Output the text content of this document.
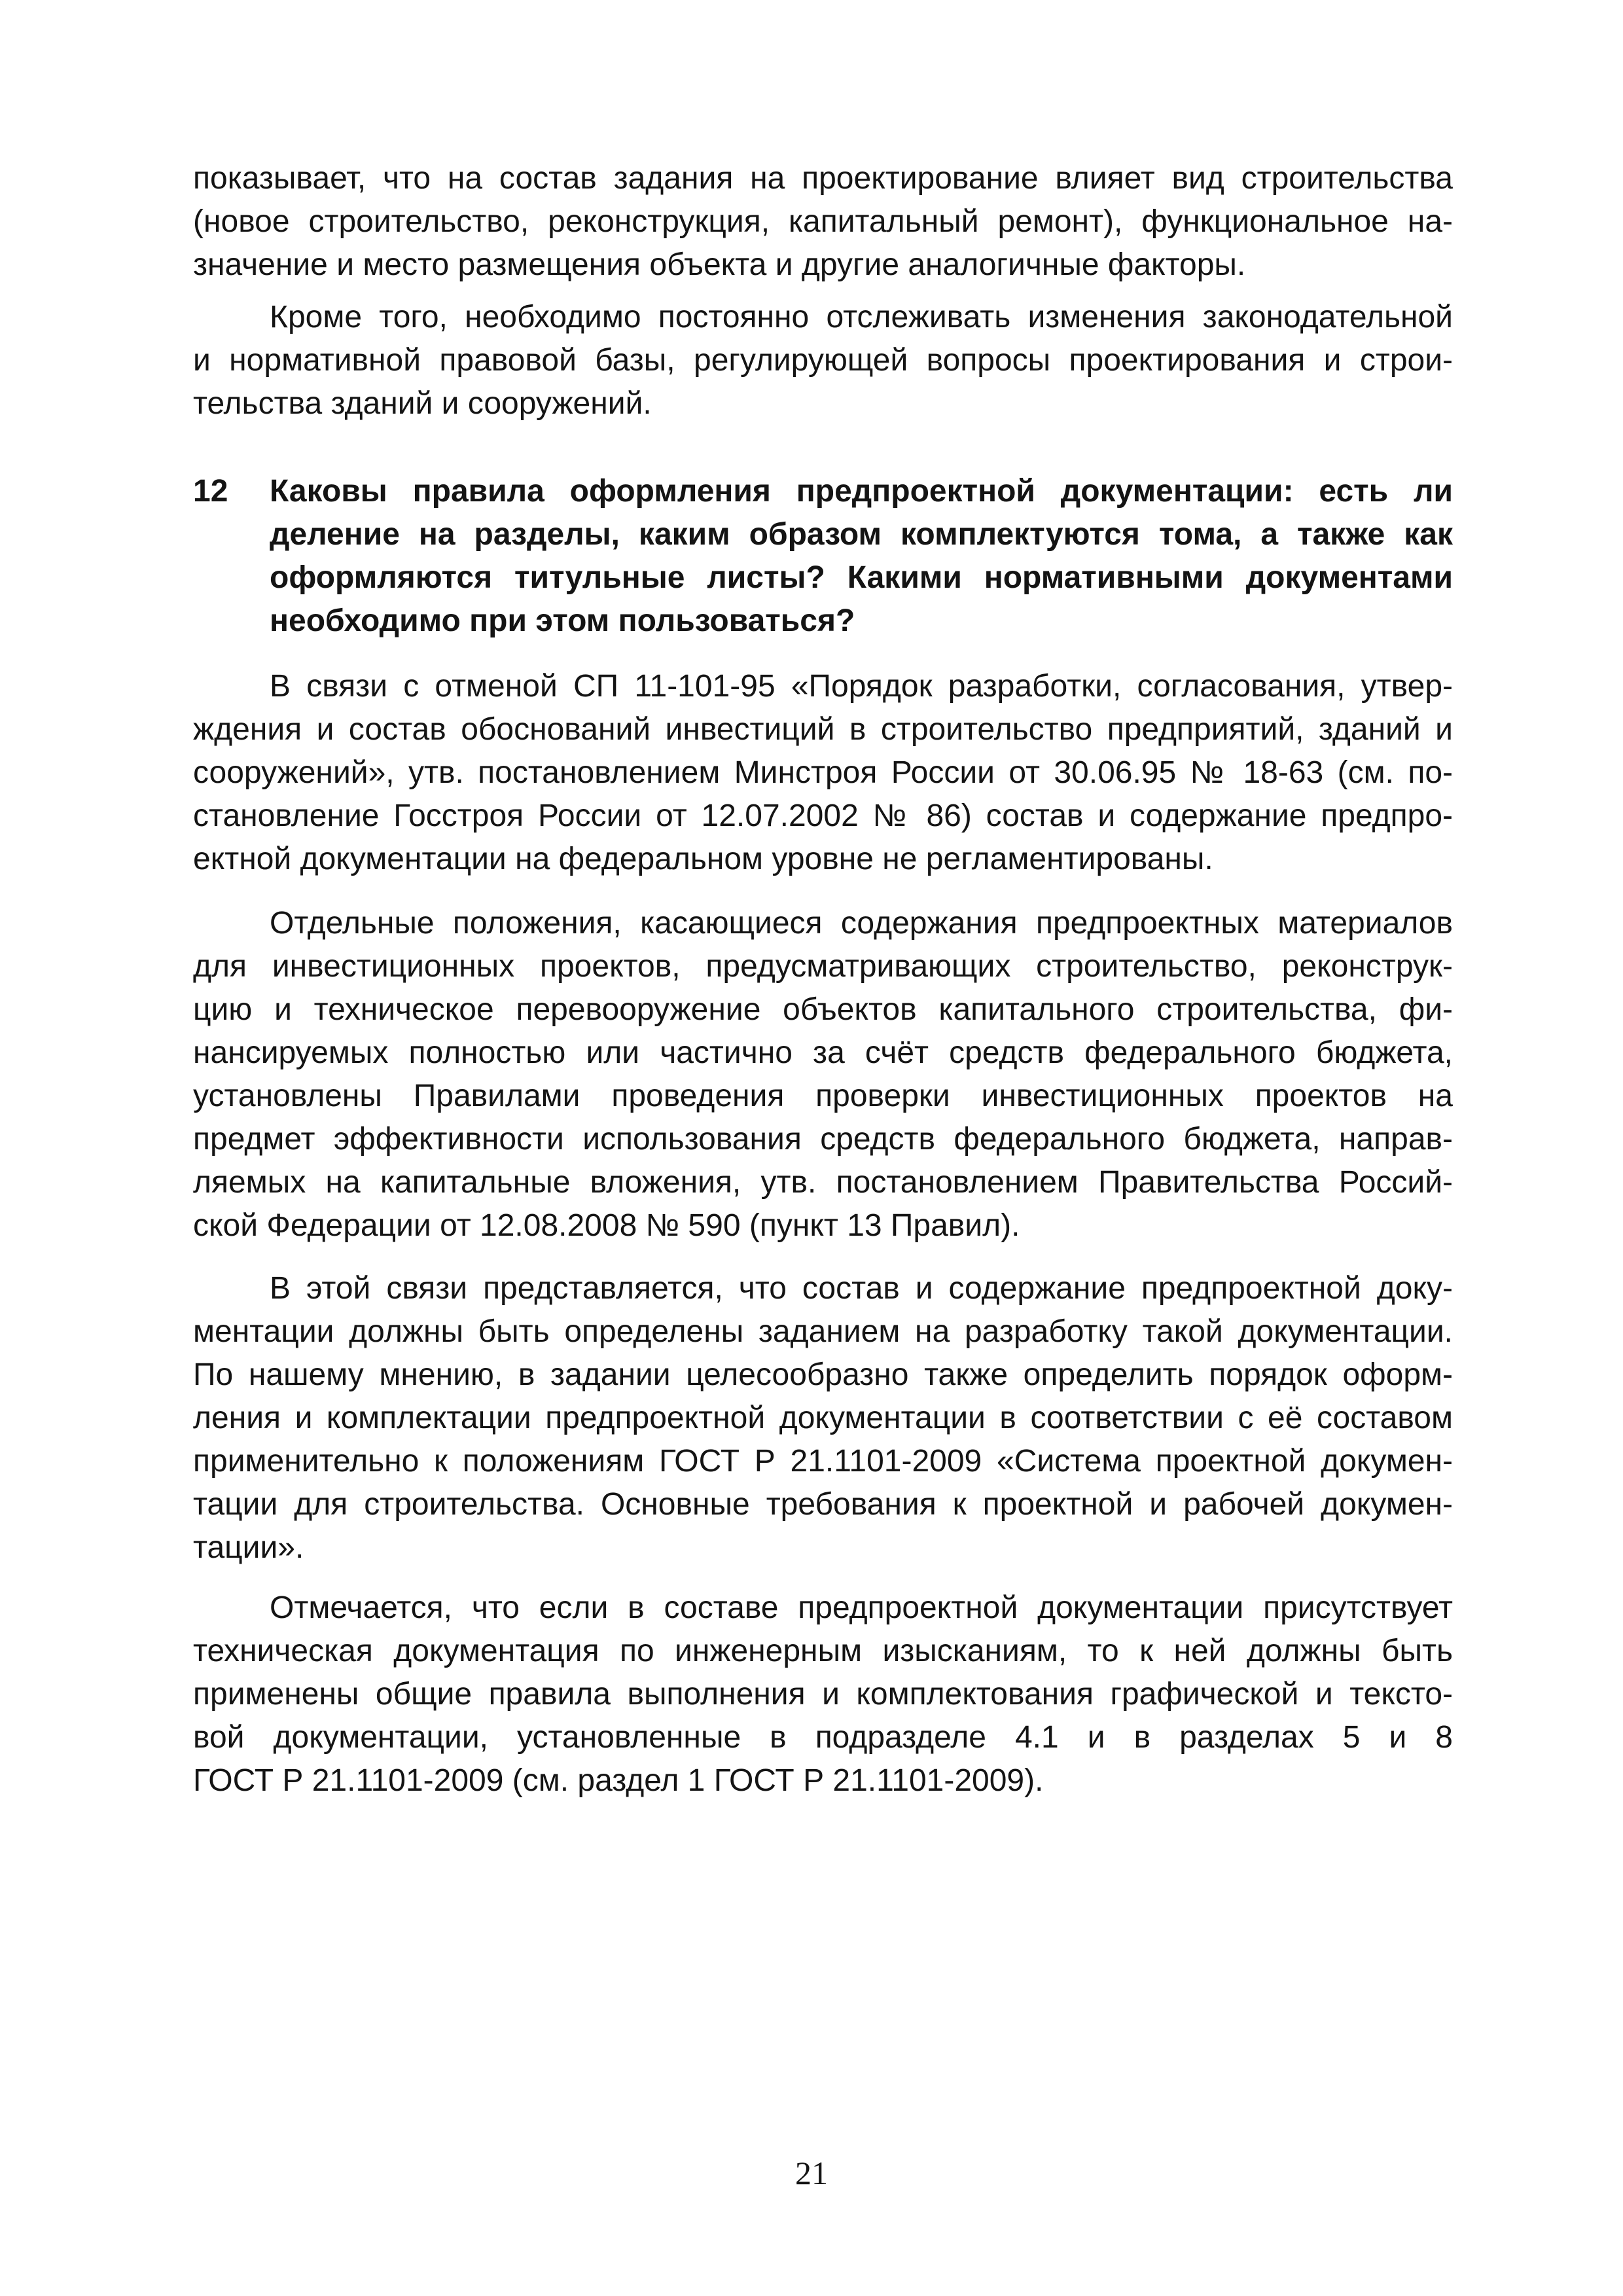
показывает, что на состав задания на проектирование влияет вид строительства
(новое строительство, реконструкция, капитальный ремонт), функциональное на-
значение и место размещения объекта и другие аналогичные факторы.
Кроме того, необходимо постоянно отслеживать изменения законодательной
и нормативной правовой базы, регулирующей вопросы проектирования и строи-
тельства зданий и сооружений.
12 Каковы правила оформления предпроектной документации: есть ли
деление на разделы, каким образом комплектуются тома, а также как
оформляются титульные листы? Какими нормативными документами
необходимо при этом пользоваться?
В связи с отменой СП 11-101-95 «Порядок разработки, согласования, утвер-
ждения и состав обоснований инвестиций в строительство предприятий, зданий и
сооружений», утв. постановлением Минстроя России от 30.06.95 № 18-63 (см. по-
становление Госстроя России от 12.07.2002 № 86) состав и содержание предпро-
ектной документации на федеральном уровне не регламентированы.
Отдельные положения, касающиеся содержания предпроектных материалов
для инвестиционных проектов, предусматривающих строительство, реконструк-
цию и техническое перевооружение объектов капитального строительства, фи-
нансируемых полностью или частично за счёт средств федерального бюджета,
установлены Правилами проведения проверки инвестиционных проектов на
предмет эффективности использования средств федерального бюджета, направ-
ляемых на капитальные вложения, утв. постановлением Правительства Россий-
ской Федерации от 12.08.2008 № 590 (пункт 13 Правил).
В этой связи представляется, что состав и содержание предпроектной доку-
ментации должны быть определены заданием на разработку такой документации.
По нашему мнению, в задании целесообразно также определить порядок оформ-
ления и комплектации предпроектной документации в соответствии с её составом
применительно к положениям ГОСТ Р 21.1101-2009 «Система проектной докумен-
тации для строительства. Основные требования к проектной и рабочей докумен-
тации».
Отмечается, что если в составе предпроектной документации присутствует
техническая документация по инженерным изысканиям, то к ней должны быть
применены общие правила выполнения и комплектования графической и тексто-
вой документации, установленные в подразделе 4.1 и в разделах 5 и 8
ГОСТ Р 21.1101-2009 (см. раздел 1 ГОСТ Р 21.1101-2009).
21
